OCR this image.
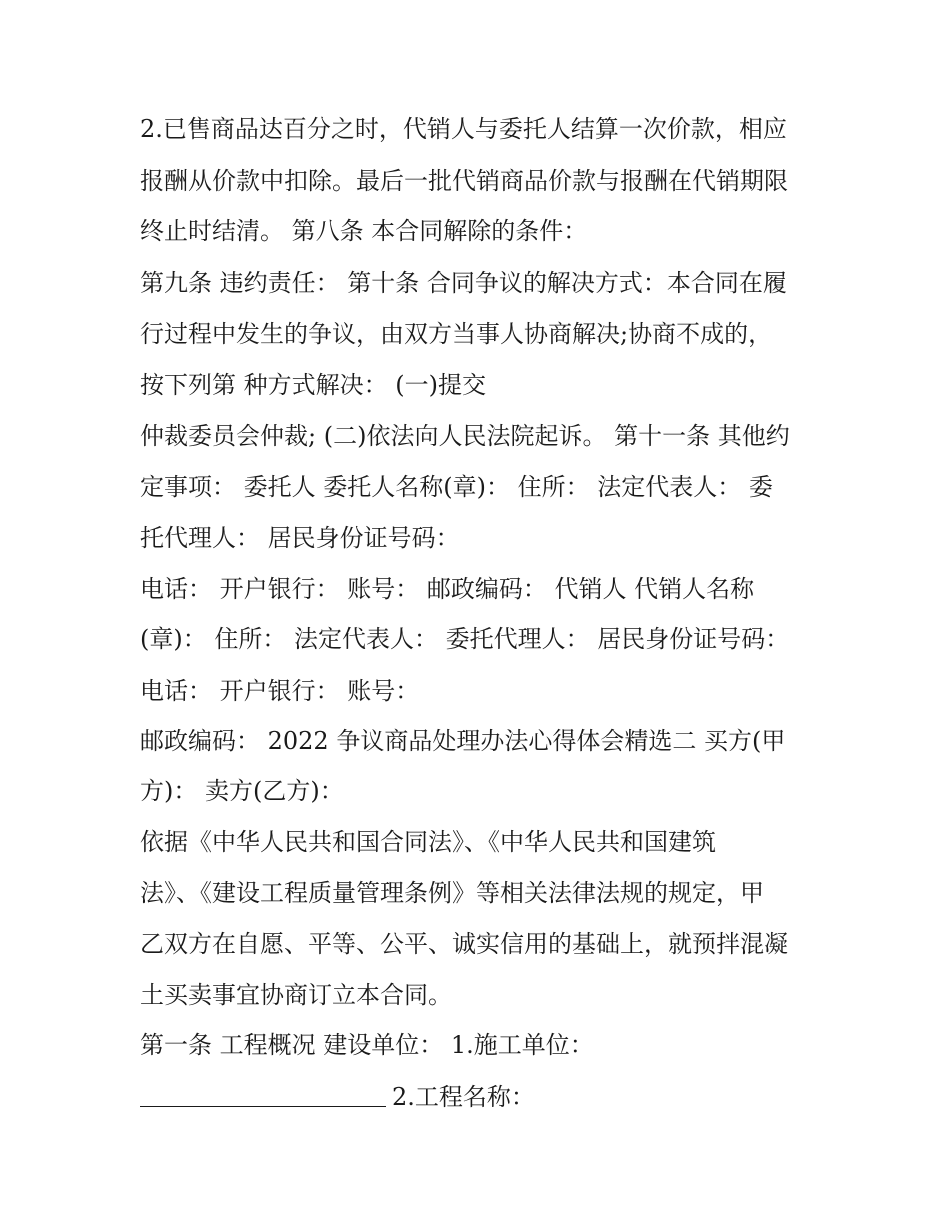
2.已售商品达百分之时，代销人与委托人结算一次价款，相应

报酬从价款中扣除。最后一批代销商品价款与报酬在代销期限

终止时结清。 第八条 本合同解除的条件：

第九条 违约责任： 第十条 合同争议的解决方式：本合同在履

行过程中发生的争议，由双方当事人协商解决;协商不成的，

按下列第 种方式解决： (一)提交

仲裁委员会仲裁; (二)依法向人民法院起诉。 第十一条 其他约

定事项： 委托人 委托人名称(章)： 住所： 法定代表人： 委

托代理人： 居民身份证号码：

电话： 开户银行： 账号： 邮政编码： 代销人 代销人名称

(章)： 住所： 法定代表人： 委托代理人： 居民身份证号码：

电话： 开户银行： 账号：

邮政编码： 2022 争议商品处理办法心得体会精选二 买方(甲

方)： 卖方(乙方)：

依据《中华人民共和国合同法》、《中华人民共和国建筑

法》、《建设工程质量管理条例》等相关法律法规的规定，甲

乙双方在自愿、平等、公平、诚实信用的基础上，就预拌混凝

土买卖事宜协商订立本合同。

第一条 工程概况 建设单位： 1.施工单位：

2.工程名称：
